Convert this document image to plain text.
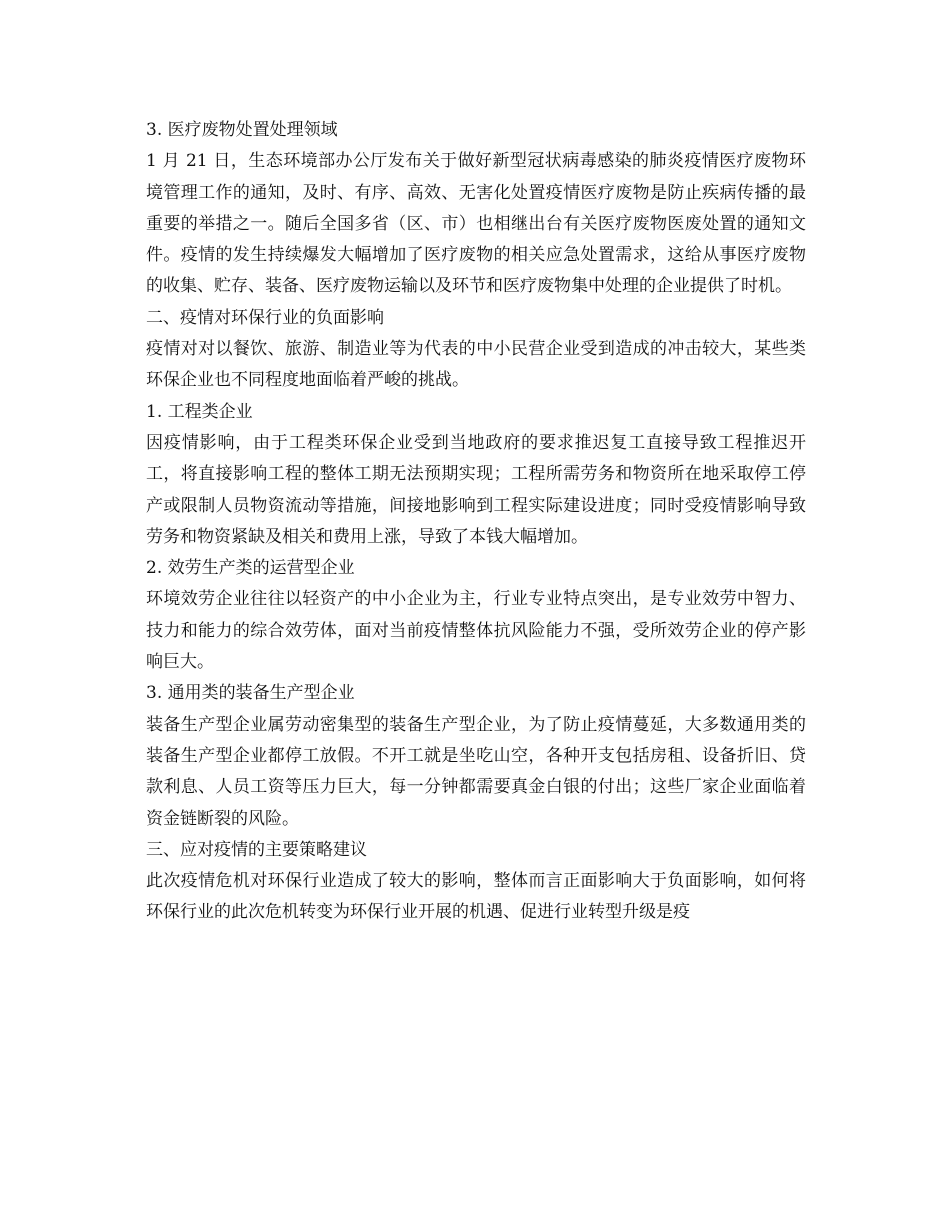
3. 医疗废物处置处理领域

1 月 21 日，生态环境部办公厅发布关于做好新型冠状病毒感染的肺炎疫情医疗废物环境管理工作的通知，及时、有序、高效、无害化处置疫情医疗废物是防止疾病传播的最重要的举措之一。随后全国多省（区、市）也相继出台有关医疗废物医废处置的通知文件。疫情的发生持续爆发大幅增加了医疗废物的相关应急处置需求，这给从事医疗废物的收集、贮存、装备、医疗废物运输以及环节和医疗废物集中处理的企业提供了时机。

二、疫情对环保行业的负面影响

疫情对对以餐饮、旅游、制造业等为代表的中小民营企业受到造成的冲击较大，某些类环保企业也不同程度地面临着严峻的挑战。

1. 工程类企业

因疫情影响，由于工程类环保企业受到当地政府的要求推迟复工直接导致工程推迟开工，将直接影响工程的整体工期无法预期实现；工程所需劳务和物资所在地采取停工停产或限制人员物资流动等措施，间接地影响到工程实际建设进度；同时受疫情影响导致劳务和物资紧缺及相关和费用上涨，导致了本钱大幅增加。

2. 效劳生产类的运营型企业

环境效劳企业往往以轻资产的中小企业为主，行业专业特点突出，是专业效劳中智力、技力和能力的综合效劳体，面对当前疫情整体抗风险能力不强，受所效劳企业的停产影响巨大。

3. 通用类的装备生产型企业

装备生产型企业属劳动密集型的装备生产型企业，为了防止疫情蔓延，大多数通用类的装备生产型企业都停工放假。不开工就是坐吃山空，各种开支包括房租、设备折旧、贷款利息、人员工资等压力巨大，每一分钟都需要真金白银的付出；这些厂家企业面临着资金链断裂的风险。

三、应对疫情的主要策略建议

此次疫情危机对环保行业造成了较大的影响，整体而言正面影响大于负面影响，如何将环保行业的此次危机转变为环保行业开展的机遇、促进行业转型升级是疫
